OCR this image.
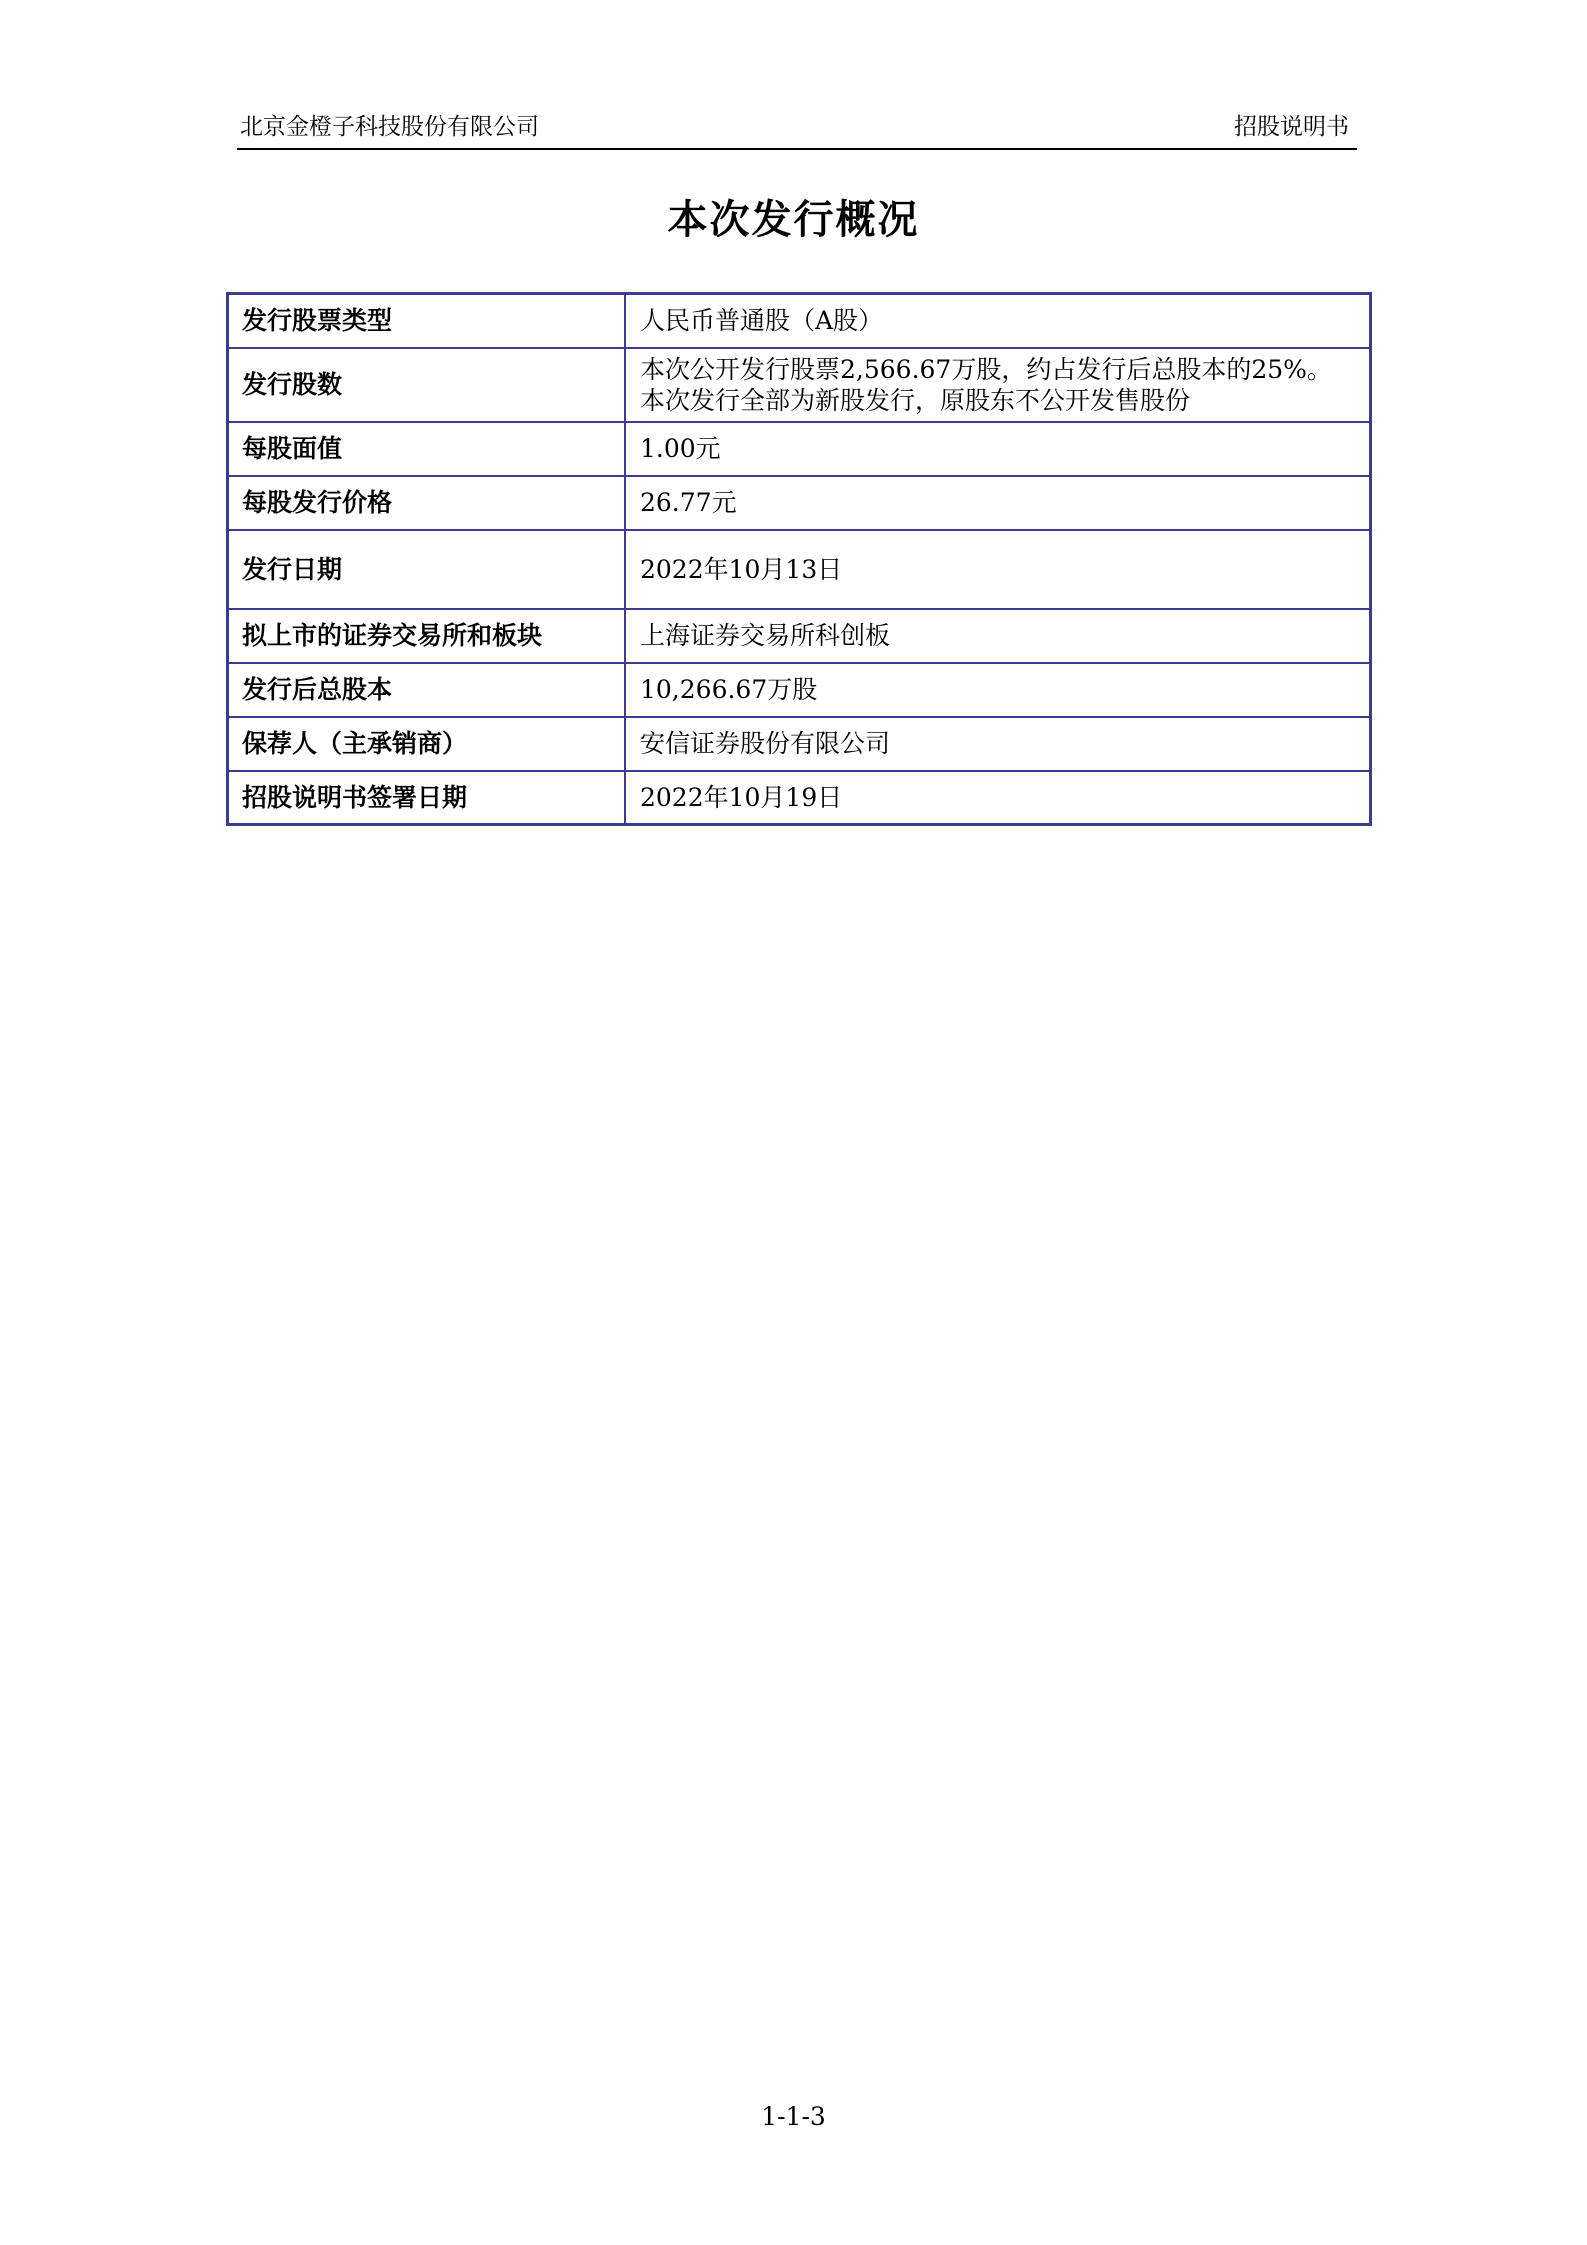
北京金橙子科技股份有限公司	招股说明书
本次发行概况
发行股票类型	人民币普通股（A股）

发行股数	本次公开发行股票2,566.67万股，约占发行后总股本的25%。
本次发行全部为新股发行，原股东不公开发售股份

每股面值	1.00元

每股发行价格	26.77元

发行日期	2022年10月13日

拟上市的证券交易所和板块	上海证券交易所科创板

发行后总股本	10,266.67万股

保荐人（主承销商）	安信证券股份有限公司

招股说明书签署日期	2022年10月19日
1-1-3
